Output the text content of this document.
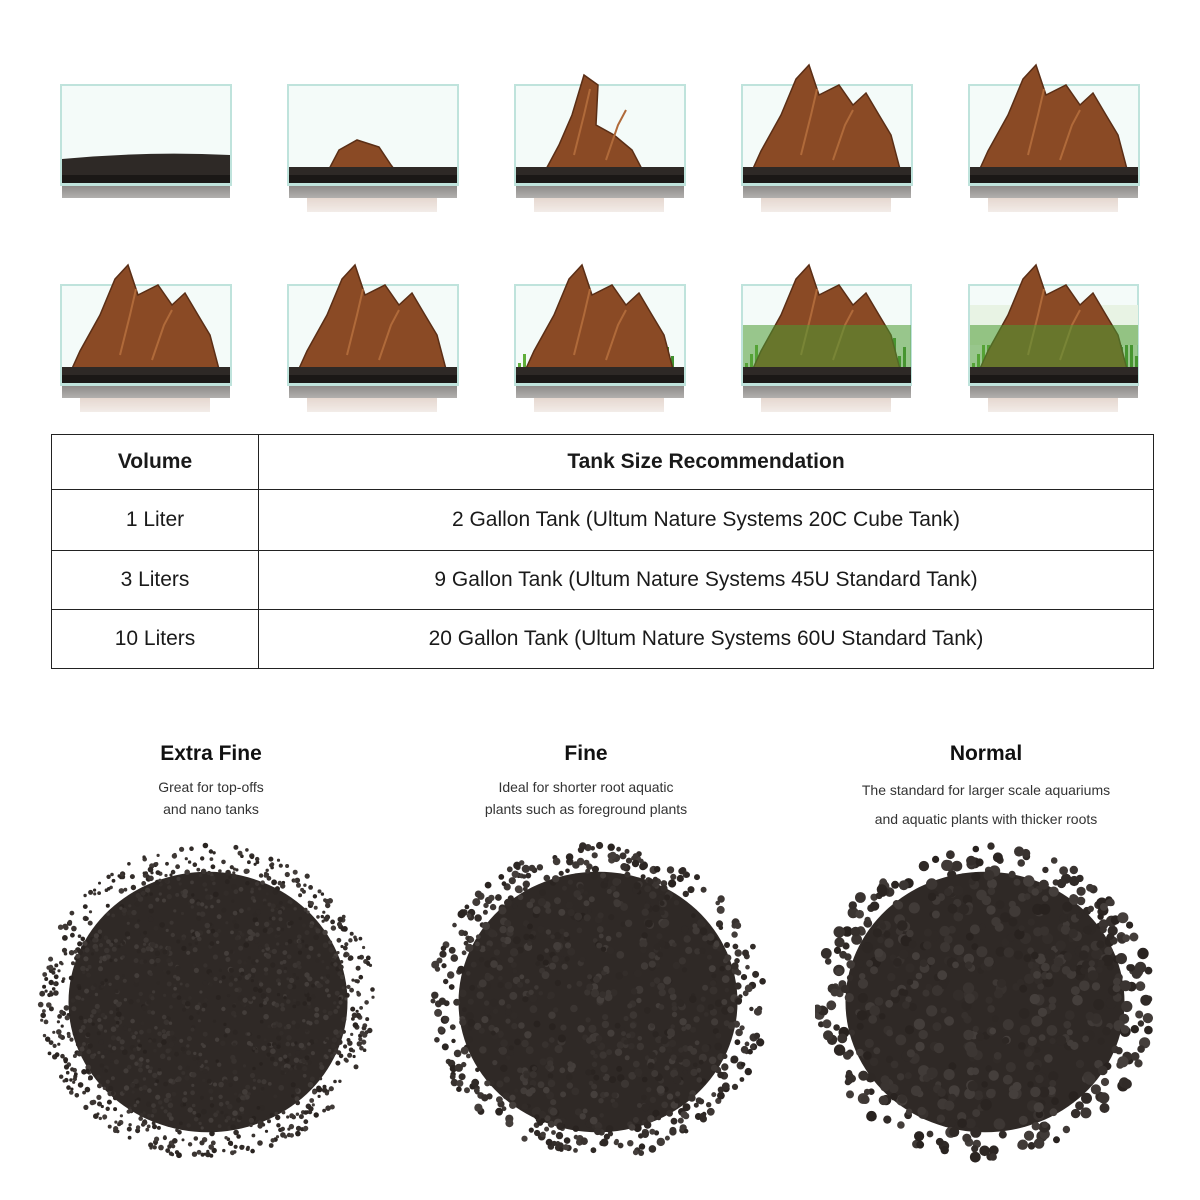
Volume	Tank Size Recommendation
1 Liter	2 Gallon Tank (Ultum Nature Systems 20C Cube Tank)
3 Liters	9 Gallon Tank (Ultum Nature Systems 45U Standard Tank)
10 Liters	20 Gallon Tank (Ultum Nature Systems 60U Standard Tank)
Extra Fine

Great for top-offs
and nano tanks

Fine

Ideal for shorter root aquatic
plants such as foreground plants

Normal

The standard for larger scale aquariums
and aquatic plants with thicker roots
